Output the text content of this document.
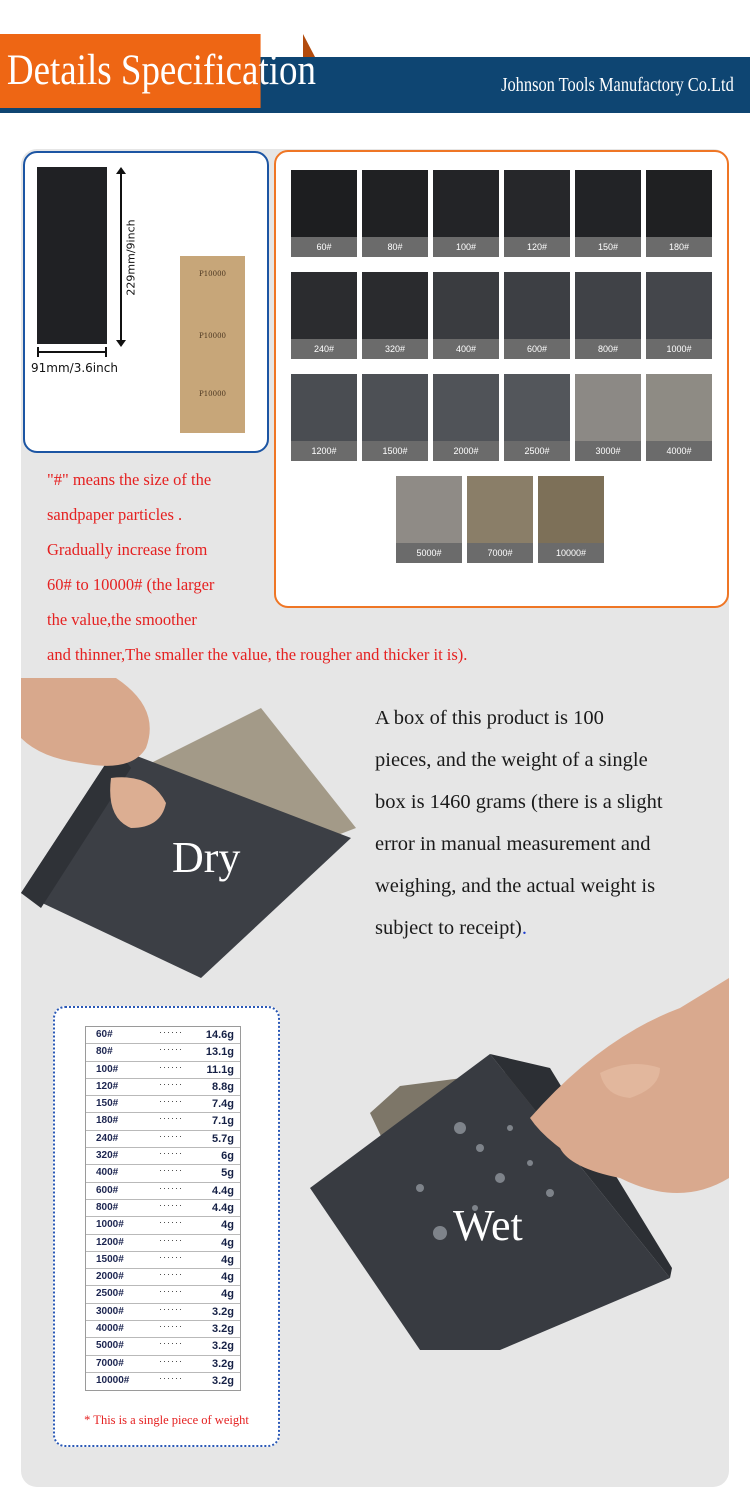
Details Specification	Johnson Tools Manufactory Co.Ltd
229mm/9inch
91mm/3.6inch
P10000
P10000
P10000
60#	80#	100#	120#	150#	180#
240#	320#	400#	600#	800#	1000#
1200#	1500#	2000#	2500#	3000#	4000#
5000#	7000#	10000#
"#" means the size of the
sandpaper particles .
Gradually increase from
60# to 10000# (the larger
the value,the smoother
and thinner,The smaller the value, the rougher and thicker it is).
Dry
A box of this product is 100
pieces, and the weight of a single
box is 1460 grams (there is a slight
error in manual measurement and
weighing, and the actual weight is
subject to receipt).
60#	······ 14.6g
80#	······ 13.1g
100#	······ 11.1g
120#	······	8.8g
150#	······	7.4g
180#	······	7.1g
240#	······	5.7g
320#	······	6g
400#	······	5g
600#	······	4.4g
800#	······	4.4g
1000#	······	4g
1200#	······	4g
1500#	······	4g
2000#	······	4g
2500#	······	4g
3000#	······	3.2g
4000#	······	3.2g
5000#	······	3.2g
7000#	······	3.2g
10000#	······	3.2g
* This is a single piece of weight
Wet
